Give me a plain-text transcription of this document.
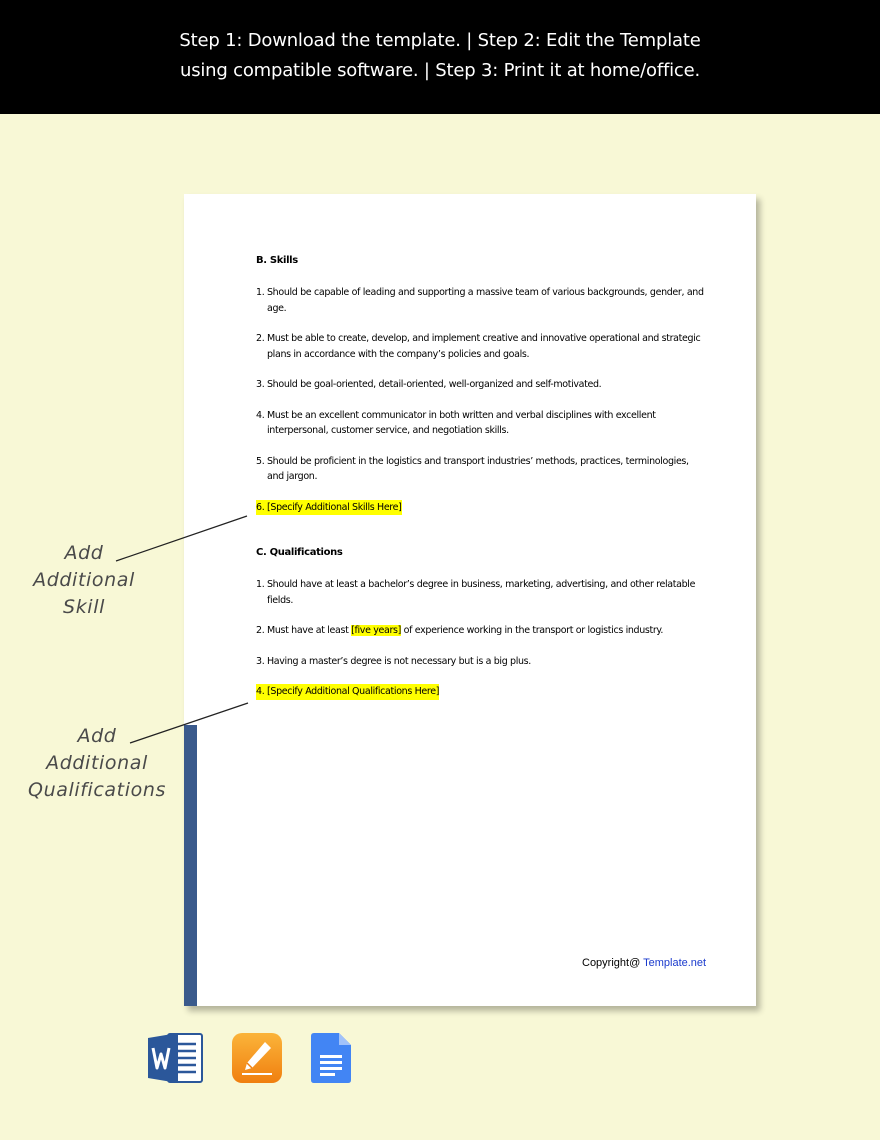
Step 1: Download the template. | Step 2: Edit the Template
using compatible software. | Step 3: Print it at home/office.

B. Skills

1. Should be capable of leading and supporting a massive team of various backgrounds, gender, and
age.
2. Must be able to create, develop, and implement creative and innovative operational and strategic
plans in accordance with the company’s policies and goals.
3. Should be goal-oriented, detail-oriented, well-organized and self-motivated.
4. Must be an excellent communicator in both written and verbal disciplines with excellent
interpersonal, customer service, and negotiation skills.
5. Should be proficient in the logistics and transport industries’ methods, practices, terminologies,
and jargon.
6. [Specify Additional Skills Here]

C. Qualifications

1. Should have at least a bachelor’s degree in business, marketing, advertising, and other relatable
fields.
2. Must have at least [five years] of experience working in the transport or logistics industry.
3. Having a master’s degree is not necessary but is a big plus.
4. [Specify Additional Qualifications Here]
Copyright@ Template.net
Add
Additional
Skill
Add
Additional
Qualifications
